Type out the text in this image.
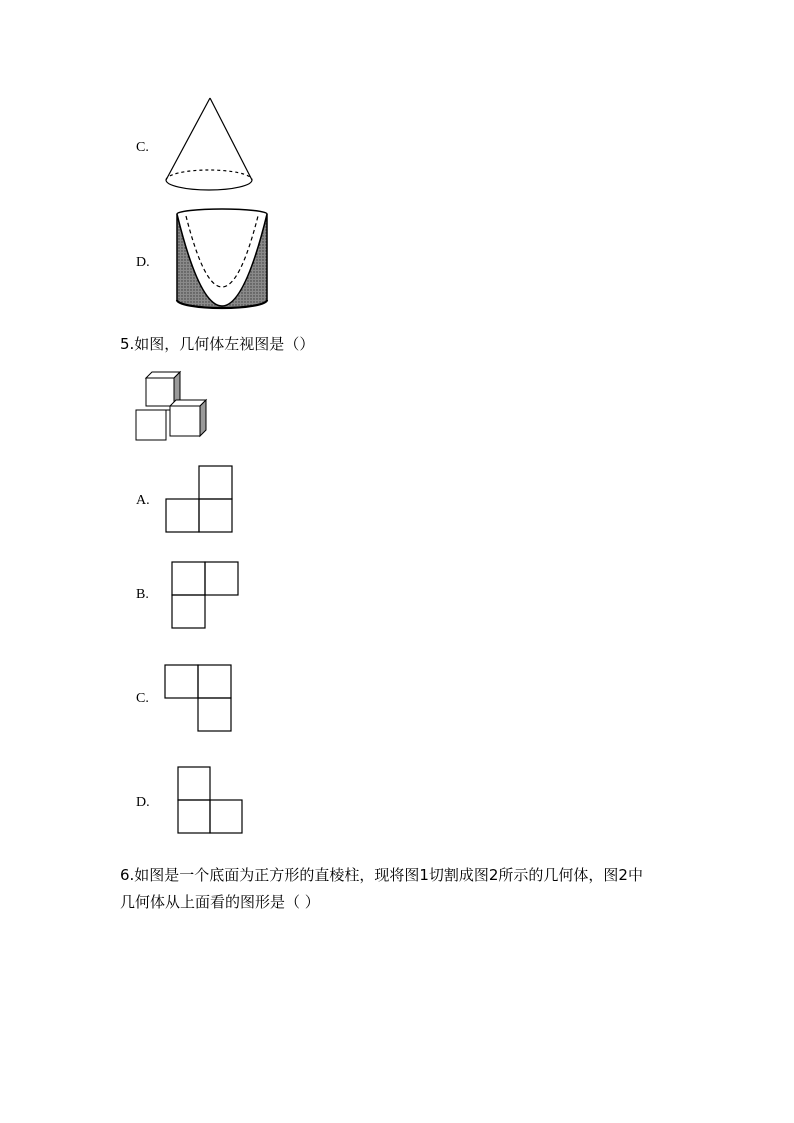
C.
D.
5.如图，几何体左视图是（）
A.
B.
C.
D.
6.如图是一个底面为正方形的直棱柱，现将图1切割成图2所示的几何体，图2中
几何体从上面看的图形是（ ）
